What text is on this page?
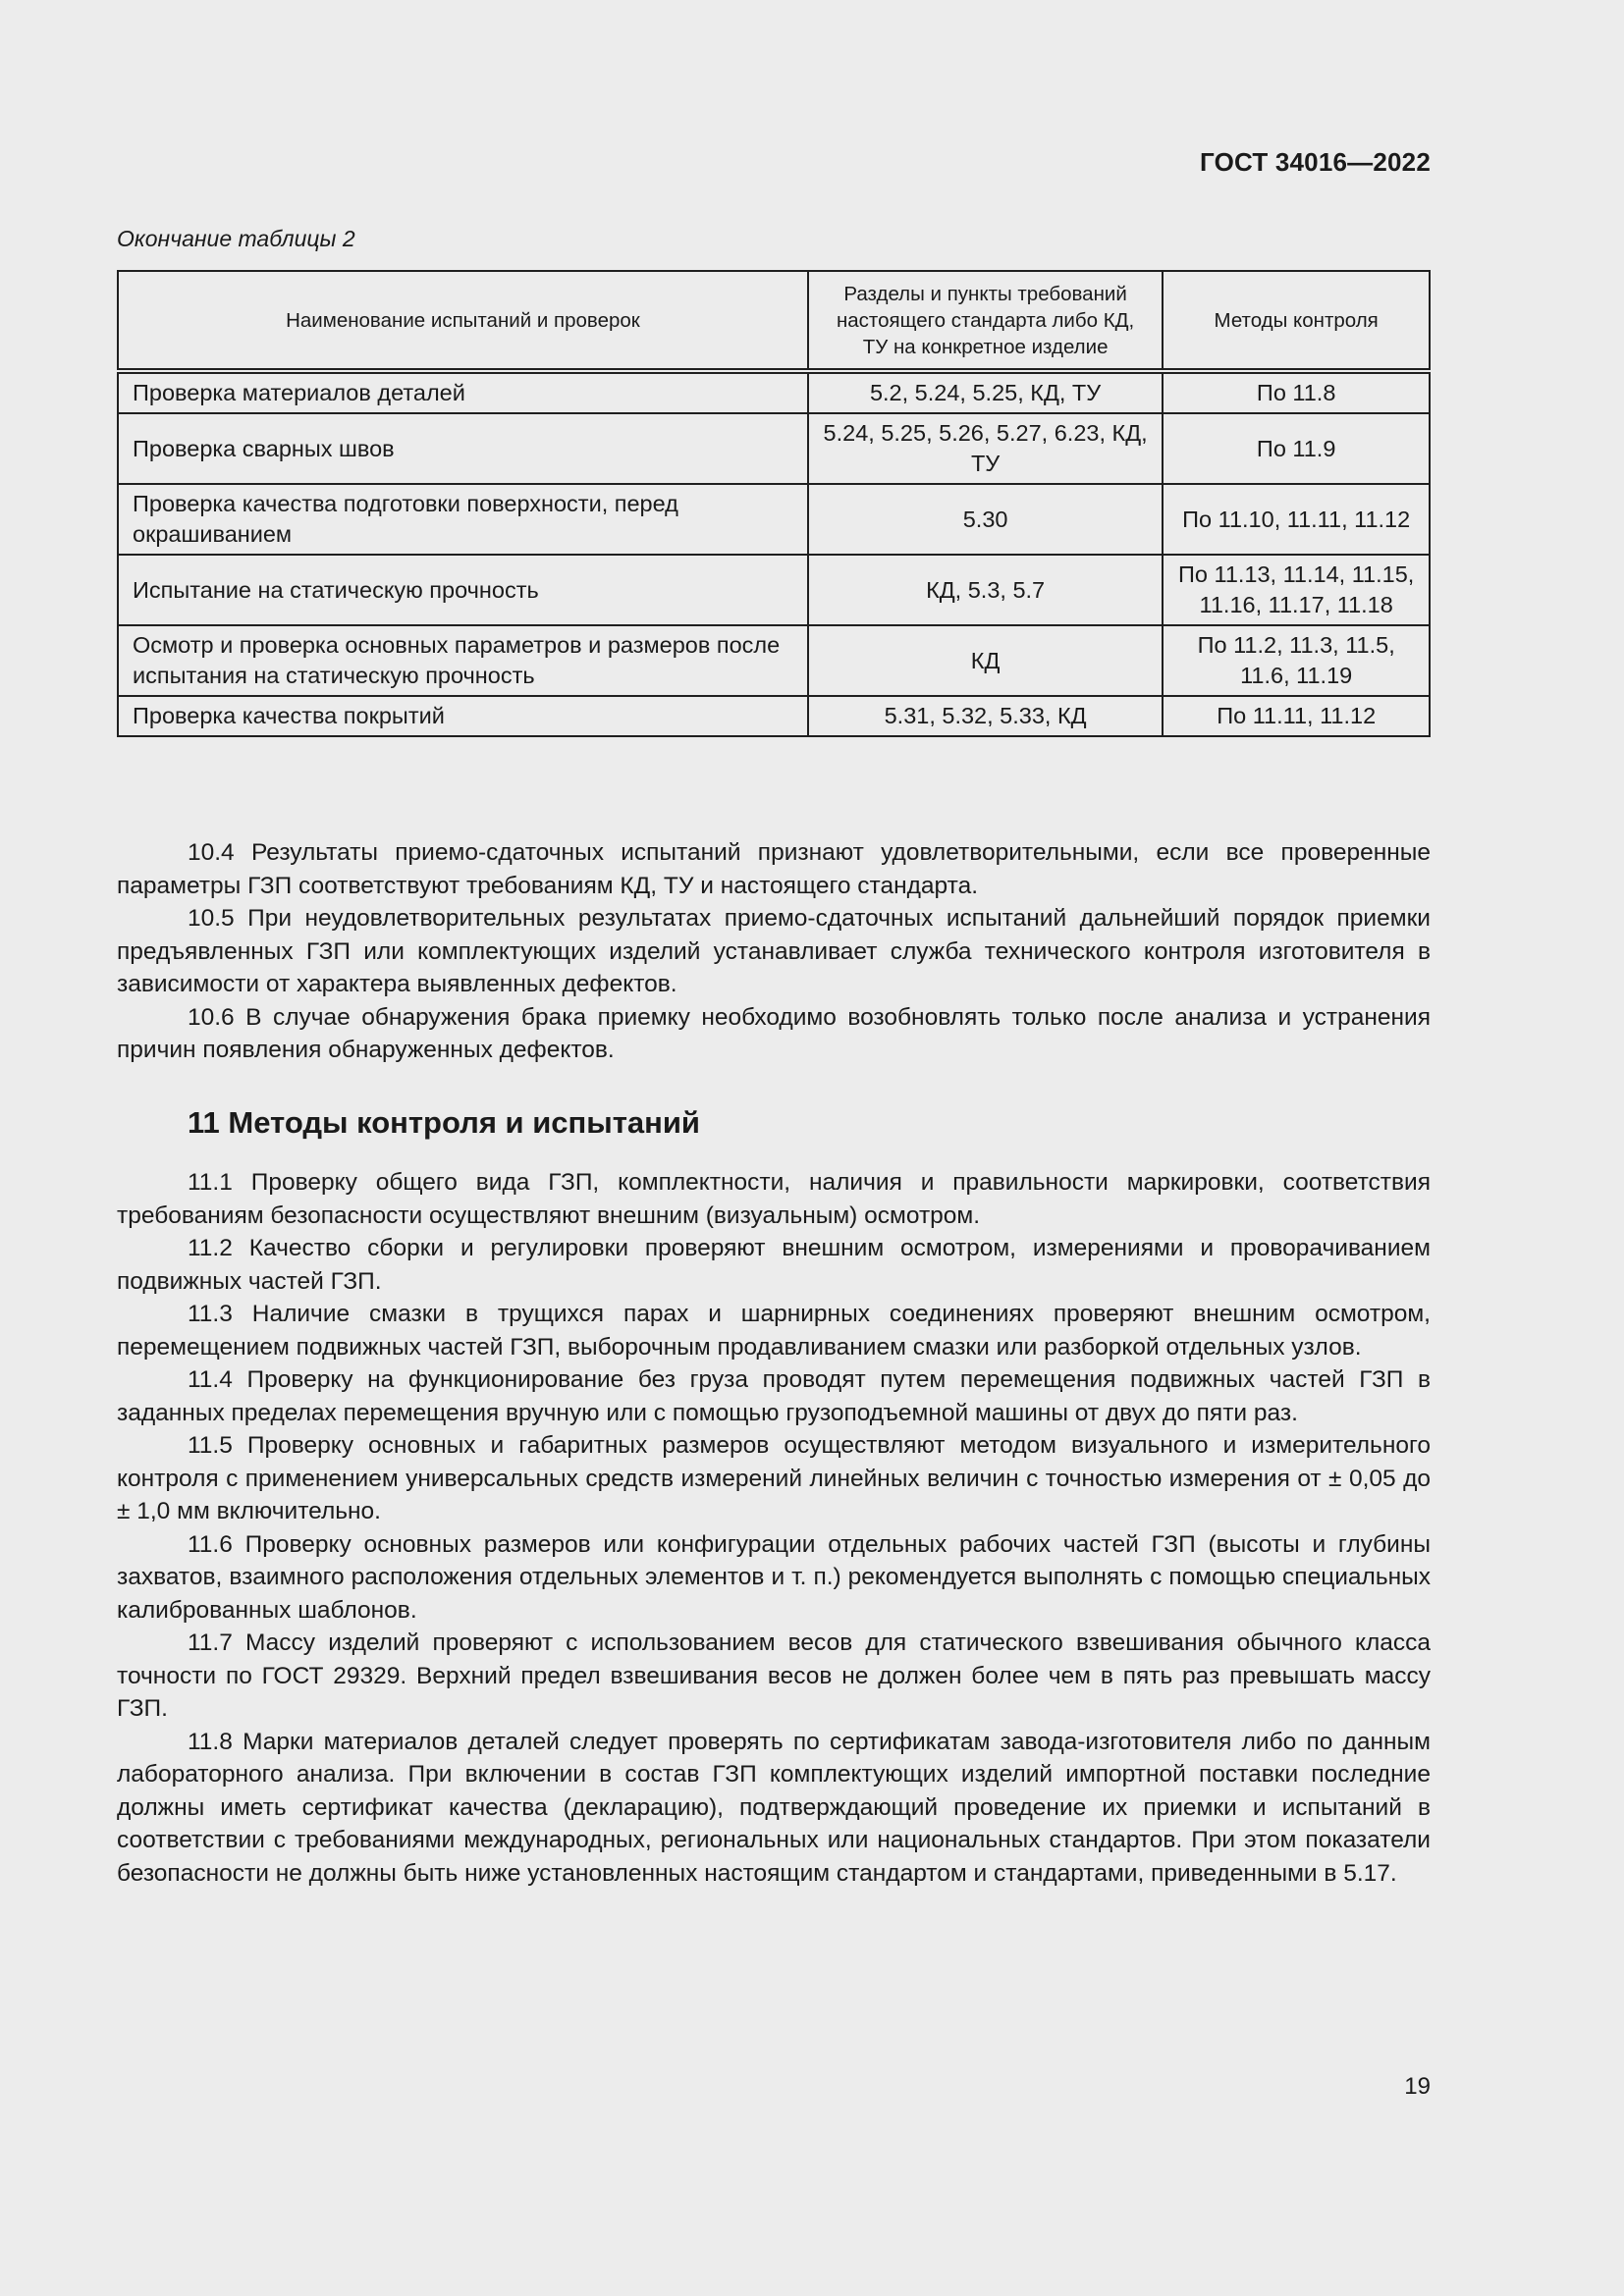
ГОСТ 34016—2022
Окончание таблицы 2
Наименование испытаний и проверок	Разделы и пункты требований настоящего стандарта либо КД, ТУ на конкретное изделие	Методы контроля
Проверка материалов деталей	5.2, 5.24, 5.25, КД, ТУ	По 11.8
Проверка сварных швов	5.24, 5.25, 5.26, 5.27, 6.23, КД, ТУ	По 11.9
Проверка качества подготовки поверхности, перед окрашиванием	5.30	По 11.10, 11.11, 11.12
Испытание на статическую прочность	КД, 5.3, 5.7	По 11.13, 11.14, 11.15, 11.16, 11.17, 11.18
Осмотр и проверка основных параметров и размеров после испытания на статическую прочность	КД	По 11.2, 11.3, 11.5, 11.6, 11.19
Проверка качества покрытий	5.31, 5.32, 5.33, КД	По 11.11, 11.12

10.4 Результаты приемо-сдаточных испытаний признают удовлетворительными, если все проверенные параметры ГЗП соответствуют требованиям КД, ТУ и настоящего стандарта.

10.5 При неудовлетворительных результатах приемо-сдаточных испытаний дальнейший порядок приемки предъявленных ГЗП или комплектующих изделий устанавливает служба технического контроля изготовителя в зависимости от характера выявленных дефектов.

10.6 В случае обнаружения брака приемку необходимо возобновлять только после анализа и устранения причин появления обнаруженных дефектов.

11 Методы контроля и испытаний

11.1 Проверку общего вида ГЗП, комплектности, наличия и правильности маркировки, соответствия требованиям безопасности осуществляют внешним (визуальным) осмотром.

11.2 Качество сборки и регулировки проверяют внешним осмотром, измерениями и проворачиванием подвижных частей ГЗП.

11.3 Наличие смазки в трущихся парах и шарнирных соединениях проверяют внешним осмотром, перемещением подвижных частей ГЗП, выборочным продавливанием смазки или разборкой отдельных узлов.

11.4 Проверку на функционирование без груза проводят путем перемещения подвижных частей ГЗП в заданных пределах перемещения вручную или с помощью грузоподъемной машины от двух до пяти раз.

11.5 Проверку основных и габаритных размеров осуществляют методом визуального и измерительного контроля с применением универсальных средств измерений линейных величин с точностью измерения от ± 0,05 до ± 1,0 мм включительно.

11.6 Проверку основных размеров или конфигурации отдельных рабочих частей ГЗП (высоты и глубины захватов, взаимного расположения отдельных элементов и т. п.) рекомендуется выполнять с помощью специальных калиброванных шаблонов.

11.7 Массу изделий проверяют с использованием весов для статического взвешивания обычного класса точности по ГОСТ 29329. Верхний предел взвешивания весов не должен более чем в пять раз превышать массу ГЗП.

11.8 Марки материалов деталей следует проверять по сертификатам завода-изготовителя либо по данным лабораторного анализа. При включении в состав ГЗП комплектующих изделий импортной поставки последние должны иметь сертификат качества (декларацию), подтверждающий проведение их приемки и испытаний в соответствии с требованиями международных, региональных или национальных стандартов. При этом показатели безопасности не должны быть ниже установленных настоящим стандартом и стандартами, приведенными в 5.17.

19
